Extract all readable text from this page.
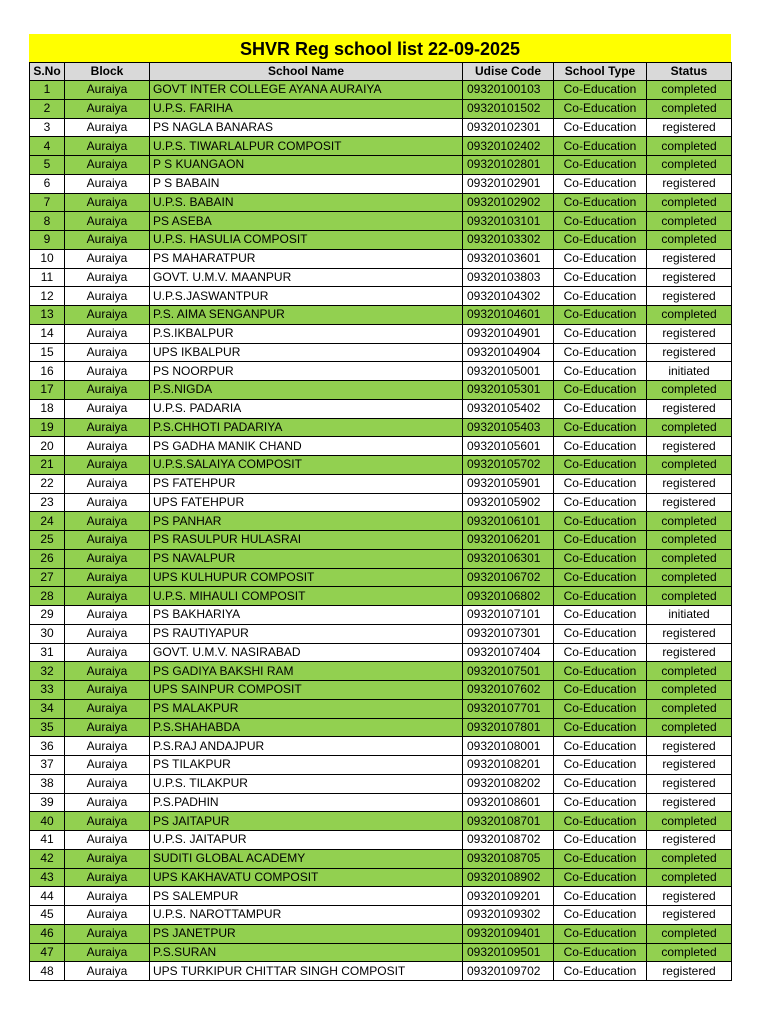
SHVR Reg school list 22-09-2025
S.No	Block	School Name	Udise Code	School Type	Status
1	Auraiya	GOVT INTER COLLEGE AYANA AURAIYA	09320100103	Co-Education	completed
2	Auraiya	U.P.S. FARIHA	09320101502	Co-Education	completed
3	Auraiya	PS NAGLA BANARAS	09320102301	Co-Education	registered
4	Auraiya	U.P.S. TIWARLALPUR COMPOSIT	09320102402	Co-Education	completed
5	Auraiya	P S KUANGAON	09320102801	Co-Education	completed
6	Auraiya	P S BABAIN	09320102901	Co-Education	registered
7	Auraiya	U.P.S. BABAIN	09320102902	Co-Education	completed
8	Auraiya	PS ASEBA	09320103101	Co-Education	completed
9	Auraiya	U.P.S. HASULIA COMPOSIT	09320103302	Co-Education	completed
10	Auraiya	PS MAHARATPUR	09320103601	Co-Education	registered
11	Auraiya	GOVT. U.M.V. MAANPUR	09320103803	Co-Education	registered
12	Auraiya	U.P.S.JASWANTPUR	09320104302	Co-Education	registered
13	Auraiya	P.S. AIMA SENGANPUR	09320104601	Co-Education	completed
14	Auraiya	P.S.IKBALPUR	09320104901	Co-Education	registered
15	Auraiya	UPS IKBALPUR	09320104904	Co-Education	registered
16	Auraiya	PS NOORPUR	09320105001	Co-Education	initiated
17	Auraiya	P.S.NIGDA	09320105301	Co-Education	completed
18	Auraiya	U.P.S. PADARIA	09320105402	Co-Education	registered
19	Auraiya	P.S.CHHOTI PADARIYA	09320105403	Co-Education	completed
20	Auraiya	PS GADHA MANIK CHAND	09320105601	Co-Education	registered
21	Auraiya	U.P.S.SALAIYA COMPOSIT	09320105702	Co-Education	completed
22	Auraiya	PS FATEHPUR	09320105901	Co-Education	registered
23	Auraiya	UPS FATEHPUR	09320105902	Co-Education	registered
24	Auraiya	PS PANHAR	09320106101	Co-Education	completed
25	Auraiya	PS RASULPUR HULASRAI	09320106201	Co-Education	completed
26	Auraiya	PS NAVALPUR	09320106301	Co-Education	completed
27	Auraiya	UPS KULHUPUR COMPOSIT	09320106702	Co-Education	completed
28	Auraiya	U.P.S. MIHAULI COMPOSIT	09320106802	Co-Education	completed
29	Auraiya	PS BAKHARIYA	09320107101	Co-Education	initiated
30	Auraiya	PS RAUTIYAPUR	09320107301	Co-Education	registered
31	Auraiya	GOVT. U.M.V. NASIRABAD	09320107404	Co-Education	registered
32	Auraiya	PS GADIYA BAKSHI RAM	09320107501	Co-Education	completed
33	Auraiya	UPS SAINPUR COMPOSIT	09320107602	Co-Education	completed
34	Auraiya	PS MALAKPUR	09320107701	Co-Education	completed
35	Auraiya	P.S.SHAHABDA	09320107801	Co-Education	completed
36	Auraiya	P.S.RAJ ANDAJPUR	09320108001	Co-Education	registered
37	Auraiya	PS TILAKPUR	09320108201	Co-Education	registered
38	Auraiya	U.P.S. TILAKPUR	09320108202	Co-Education	registered
39	Auraiya	P.S.PADHIN	09320108601	Co-Education	registered
40	Auraiya	PS JAITAPUR	09320108701	Co-Education	completed
41	Auraiya	U.P.S. JAITAPUR	09320108702	Co-Education	registered
42	Auraiya	SUDITI GLOBAL ACADEMY	09320108705	Co-Education	completed
43	Auraiya	UPS KAKHAVATU COMPOSIT	09320108902	Co-Education	completed
44	Auraiya	PS SALEMPUR	09320109201	Co-Education	registered
45	Auraiya	U.P.S. NAROTTAMPUR	09320109302	Co-Education	registered
46	Auraiya	PS JANETPUR	09320109401	Co-Education	completed
47	Auraiya	P.S.SURAN	09320109501	Co-Education	completed
48	Auraiya	UPS TURKIPUR CHITTAR SINGH COMPOSIT	09320109702	Co-Education	registered
